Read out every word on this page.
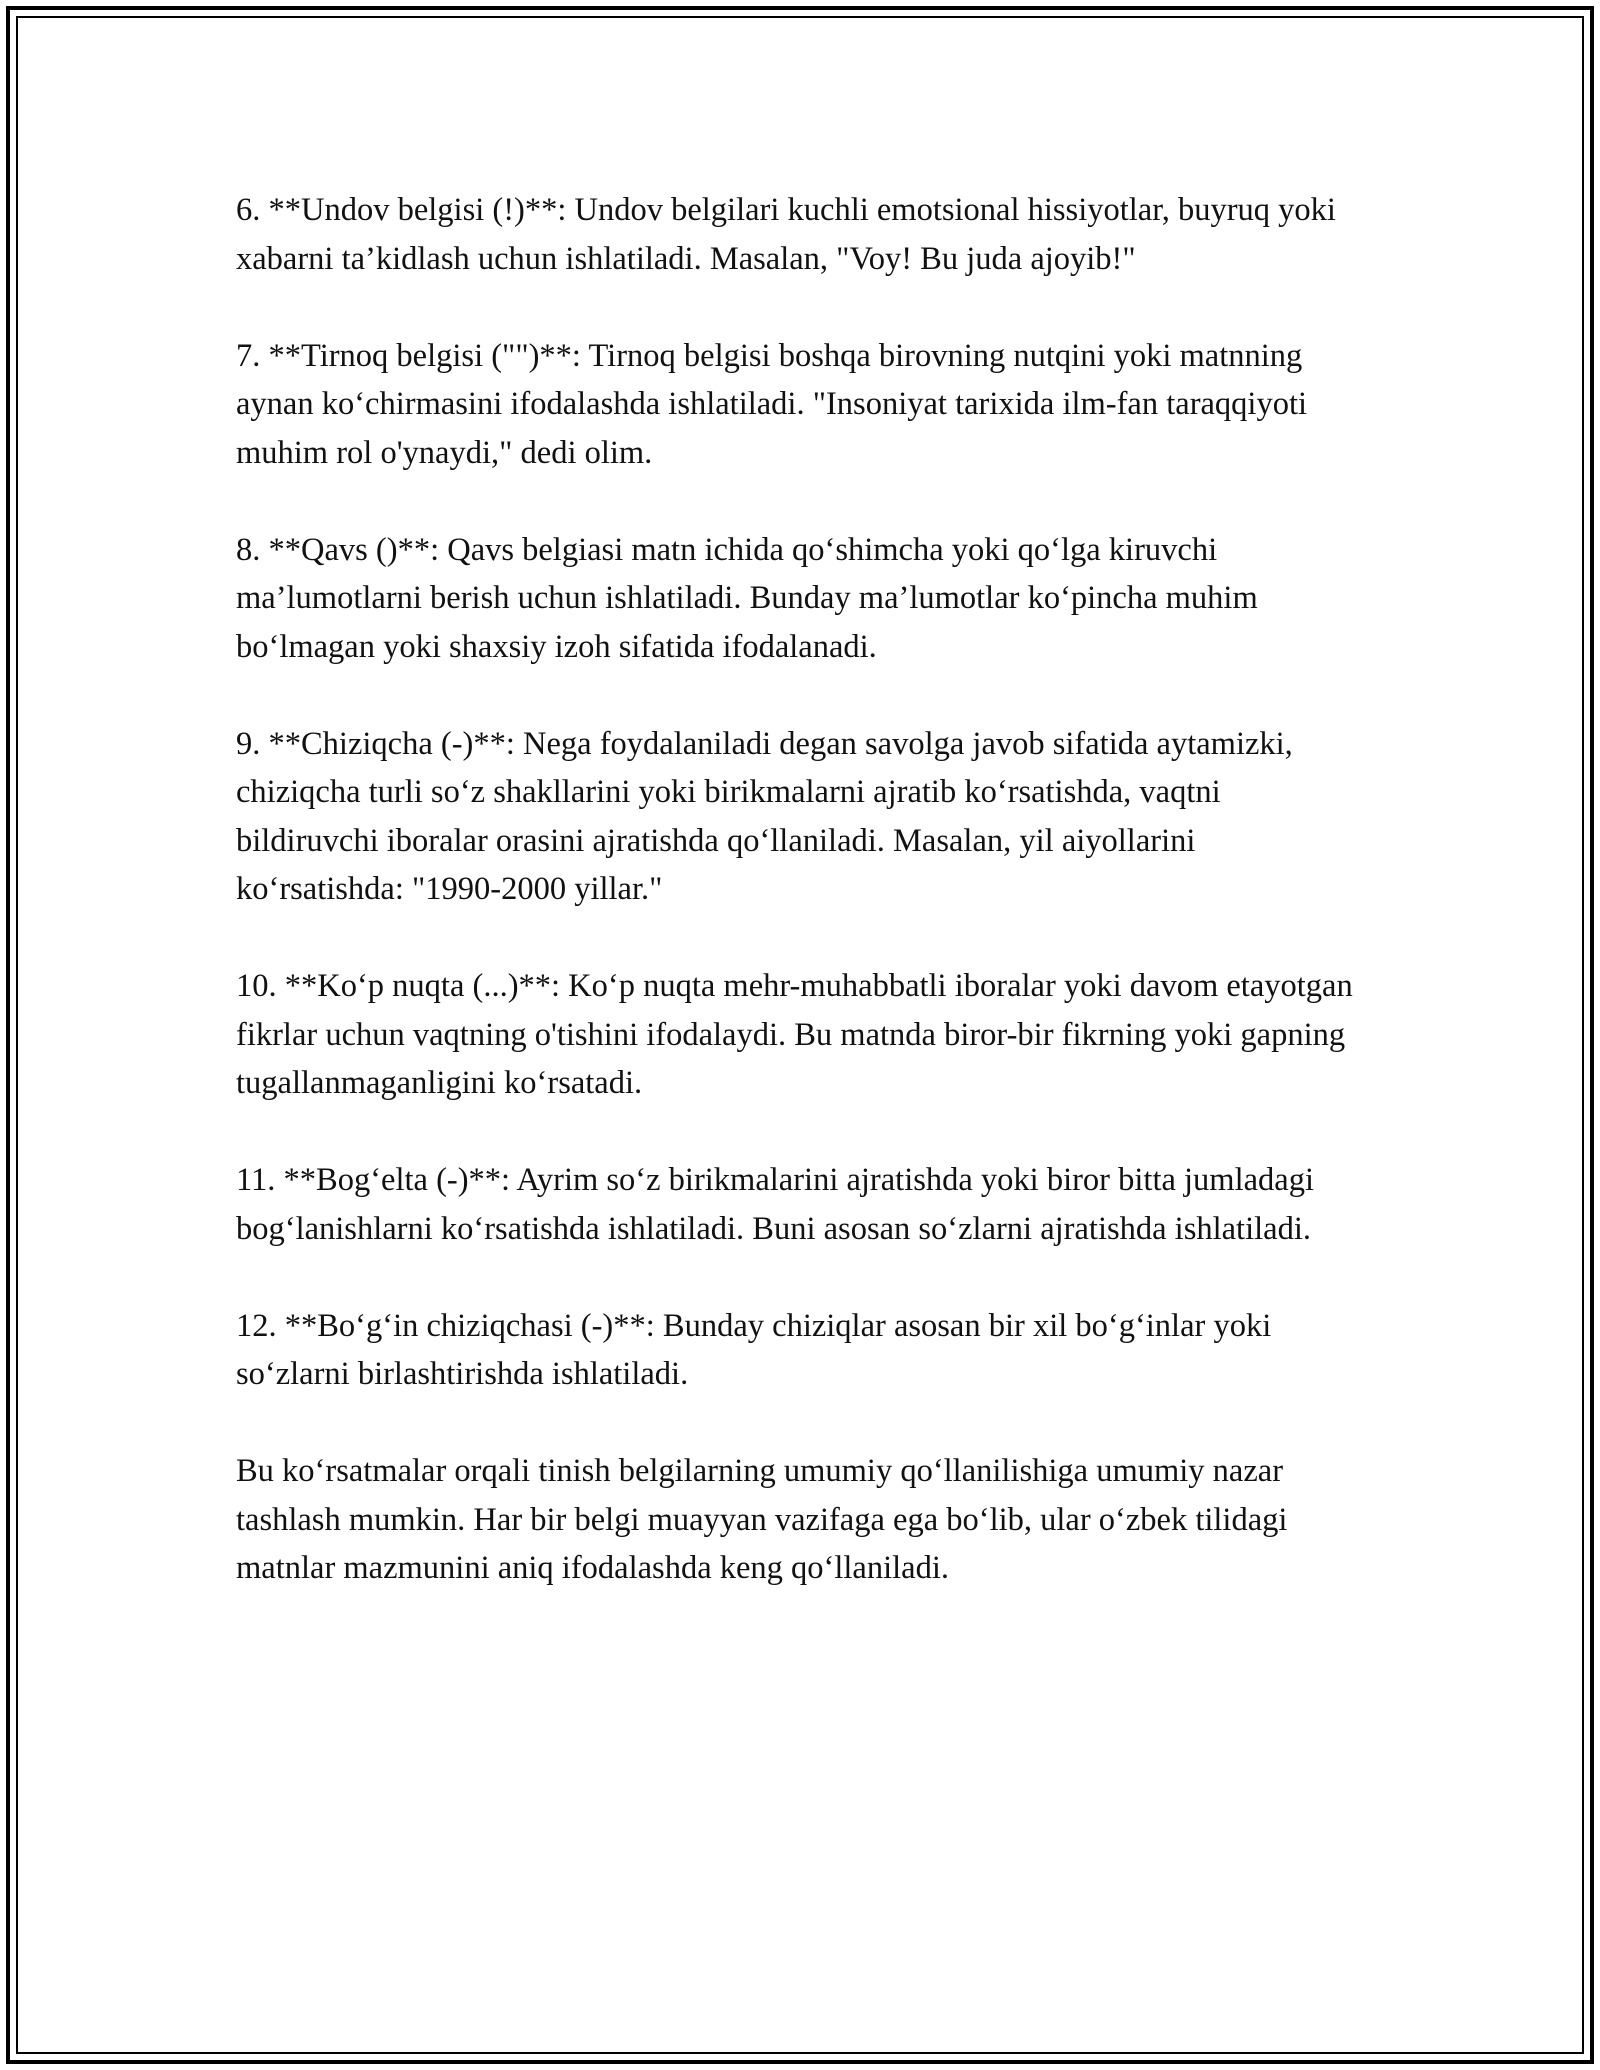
6. **Undov belgisi (!)**: Undov belgilari kuchli emotsional hissiyotlar, buyruq yoki xabarni ta’kidlash uchun ishlatiladi. Masalan, "Voy! Bu juda ajoyib!"

7. **Tirnoq belgisi ("")**: Tirnoq belgisi boshqa birovning nutqini yoki matnning aynan ko‘chirmasini ifodalashda ishlatiladi. "Insoniyat tarixida ilm-fan taraqqiyoti muhim rol o'ynaydi," dedi olim.

8. **Qavs ()**: Qavs belgiasi matn ichida qo‘shimcha yoki qo‘lga kiruvchi ma’lumotlarni berish uchun ishlatiladi. Bunday ma’lumotlar ko‘pincha muhim bo‘lmagan yoki shaxsiy izoh sifatida ifodalanadi.

9. **Chiziqcha (-)**: Nega foydalaniladi degan savolga javob sifatida aytamizki, chiziqcha turli so‘z shakllarini yoki birikmalarni ajratib ko‘rsatishda, vaqtni bildiruvchi iboralar orasini ajratishda qo‘llaniladi. Masalan, yil aiyollarini ko‘rsatishda: "1990-2000 yillar."

10. **Ko‘p nuqta (...)**: Ko‘p nuqta mehr-muhabbatli iboralar yoki davom etayotgan fikrlar uchun vaqtning o'tishini ifodalaydi. Bu matnda biror-bir fikrning yoki gapning tugallanmaganligini ko‘rsatadi.

11. **Bog‘elta (-)**: Ayrim so‘z birikmalarini ajratishda yoki biror bitta jumladagi bog‘lanishlarni ko‘rsatishda ishlatiladi. Buni asosan so‘zlarni ajratishda ishlatiladi.

12. **Bo‘g‘in chiziqchasi (-)**: Bunday chiziqlar asosan bir xil bo‘g‘inlar yoki so‘zlarni birlashtirishda ishlatiladi.

Bu ko‘rsatmalar orqali tinish belgilarning umumiy qo‘llanilishiga umumiy nazar tashlash mumkin. Har bir belgi muayyan vazifaga ega bo‘lib, ular o‘zbek tilidagi matnlar mazmunini aniq ifodalashda keng qo‘llaniladi.
